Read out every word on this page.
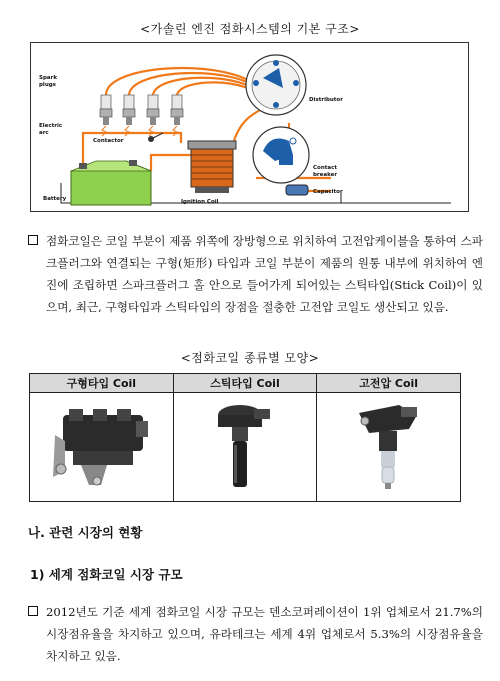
<가솔린 엔진 점화시스템의 기본 구조>
Spark
plugs
Electric
arc
Contactor
Battery	Ignition Coil
Distributor
Contact
breaker
Capacitor
점화코일은 코일 부분이 제품 위쪽에 장방형으로 위치하여 고전압케이블을 통하여 스파크플러그와 연결되는 구형(矩形) 타입과 코일 부분이 제품의 원통 내부에 위치하여 엔진에 조립하면 스파크플러그 홀 안으로 들어가게 되어있는 스틱타입(Stick Coil)이 있으며, 최근, 구형타입과 스틱타입의 장점을 절충한 고전압 코일도 생산되고 있음.
<점화코일 종류별 모양>
구형타입 Coil	스틱타입 Coil	고전압 Coil

나. 관련 시장의 현황
1) 세계 점화코일 시장 규모
2012년도 기준 세계 점화코일 시장 규모는 덴소코퍼레이션이 1위 업체로서 21.7%의 시장점유율을 차지하고 있으며, 유라테크는 세계 4위 업체로서 5.3%의 시장점유율을 차지하고 있음.
